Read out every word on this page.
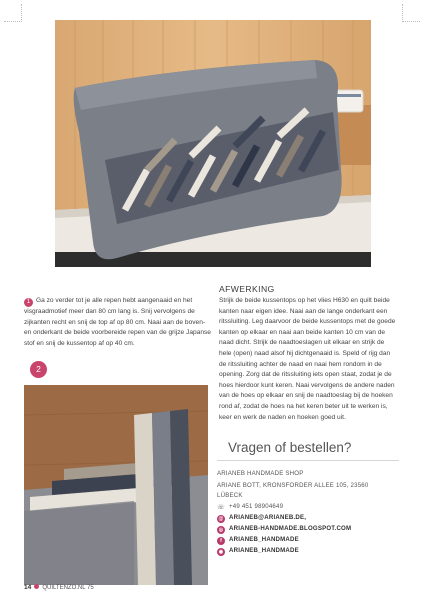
1 Ga zo verder tot je alle repen hebt aangenaaid en het visgraadmotief meer dan 80 cm lang is. Snij vervolgens de zijkanten recht en snij de top af op 80 cm. Naai aan de boven- en onderkant de beide voorbereide repen van de grijze Japanse stof en snij de kussentop af op 40 cm.
2
AFWERKING
Strijk de beide kussentops op het vlies H630 en quilt beide kanten naar eigen idee. Naai aan de lange onderkant een ritssluiting. Leg daarvoor de beide kussentops met de goede kanten op elkaar en naai aan beide kanten 10 cm van de naad dicht. Strijk de naadtoeslagen uit elkaar en strijk de hele (open) naad alsof hij dichtgenaaid is. Speld of rijg dan de ritssluiting achter de naad en naai hem rondom in de opening. Zorg dat de ritssluiting iets open staat, zodat je de hoes hierdoor kunt keren. Naai vervolgens de andere naden van de hoes op elkaar en snij de naadtoeslag bij de hoeken rond af, zodat de hoes na het keren beter uit te werken is, keer en werk de naden en hoeken goed uit.
Vragen of bestellen?
ARIANEB HANDMADE SHOP
ARIANE BOTT, KRONSFORDER ALLEE 105, 23560
LÜBECK
☏ +49 451 98904649
@ ARIANEB@ARIANEB.DE,
◎ ARIANEB-HANDMADE.BLOGSPOT.COM
f ARIANEB_HANDMADE
◉ ARIANEB_HANDMADE
14 QUILTENZO.NL 75
